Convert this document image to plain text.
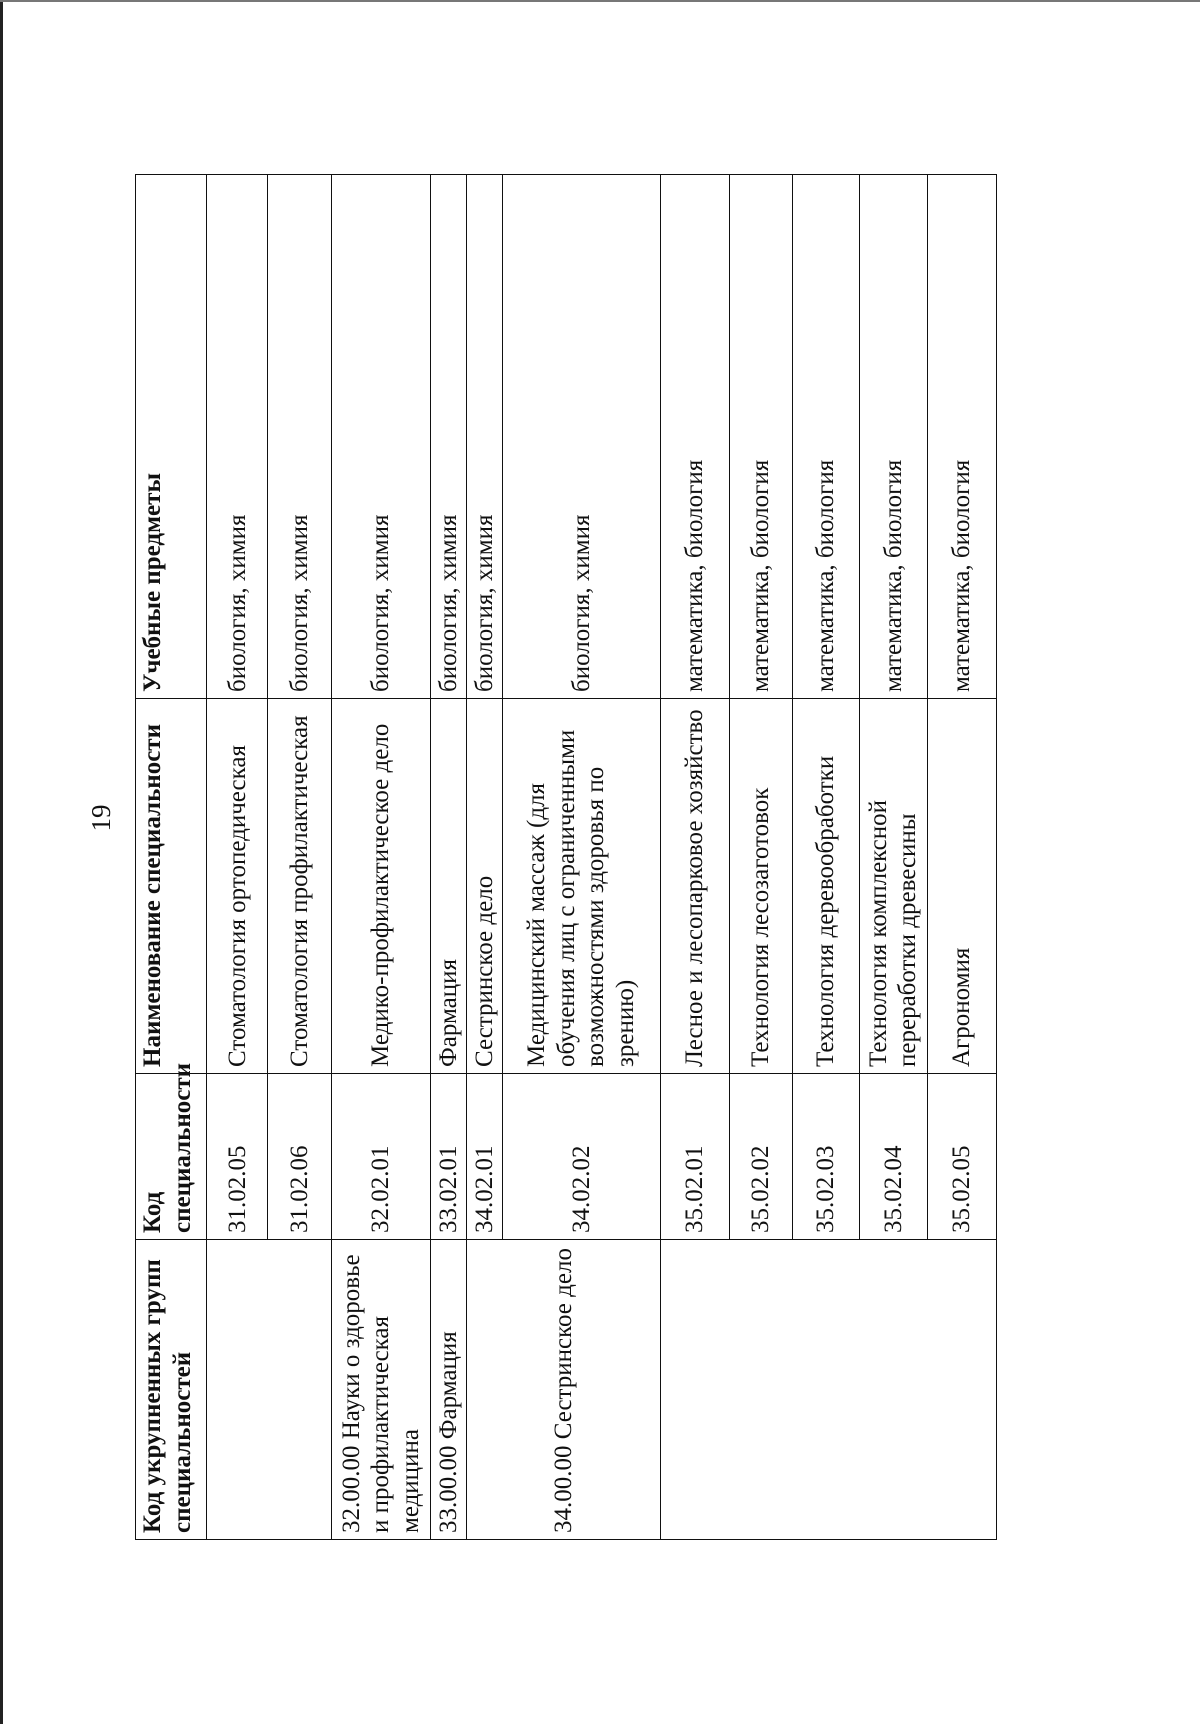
19
Код укрупненных групп специальностей	Код специальности	Наименование специальности	Учебные предметы
	31.02.05	Стоматология ортопедическая	биология, химия
	31.02.06	Стоматология профилактическая	биология, химия
32.00.00 Науки о здоровье и профилактическая медицина	32.02.01	Медико-профилактическое дело	биология, химия
33.00.00 Фармация	33.02.01	Фармация	биология, химия
34.00.00 Сестринское дело	34.02.01	Сестринское дело	биология, химия
	34.02.02	Медицинский массаж (для обучения лиц с ограниченными возможностями здоровья по зрению)	биология, химия
	35.02.01	Лесное и лесопарковое хозяйство	математика, биология
	35.02.02	Технология лесозаготовок	математика, биология
	35.02.03	Технология деревообработки	математика, биология
	35.02.04	Технология комплексной переработки древесины	математика, биология
	35.02.05	Агрономия	математика, биология
